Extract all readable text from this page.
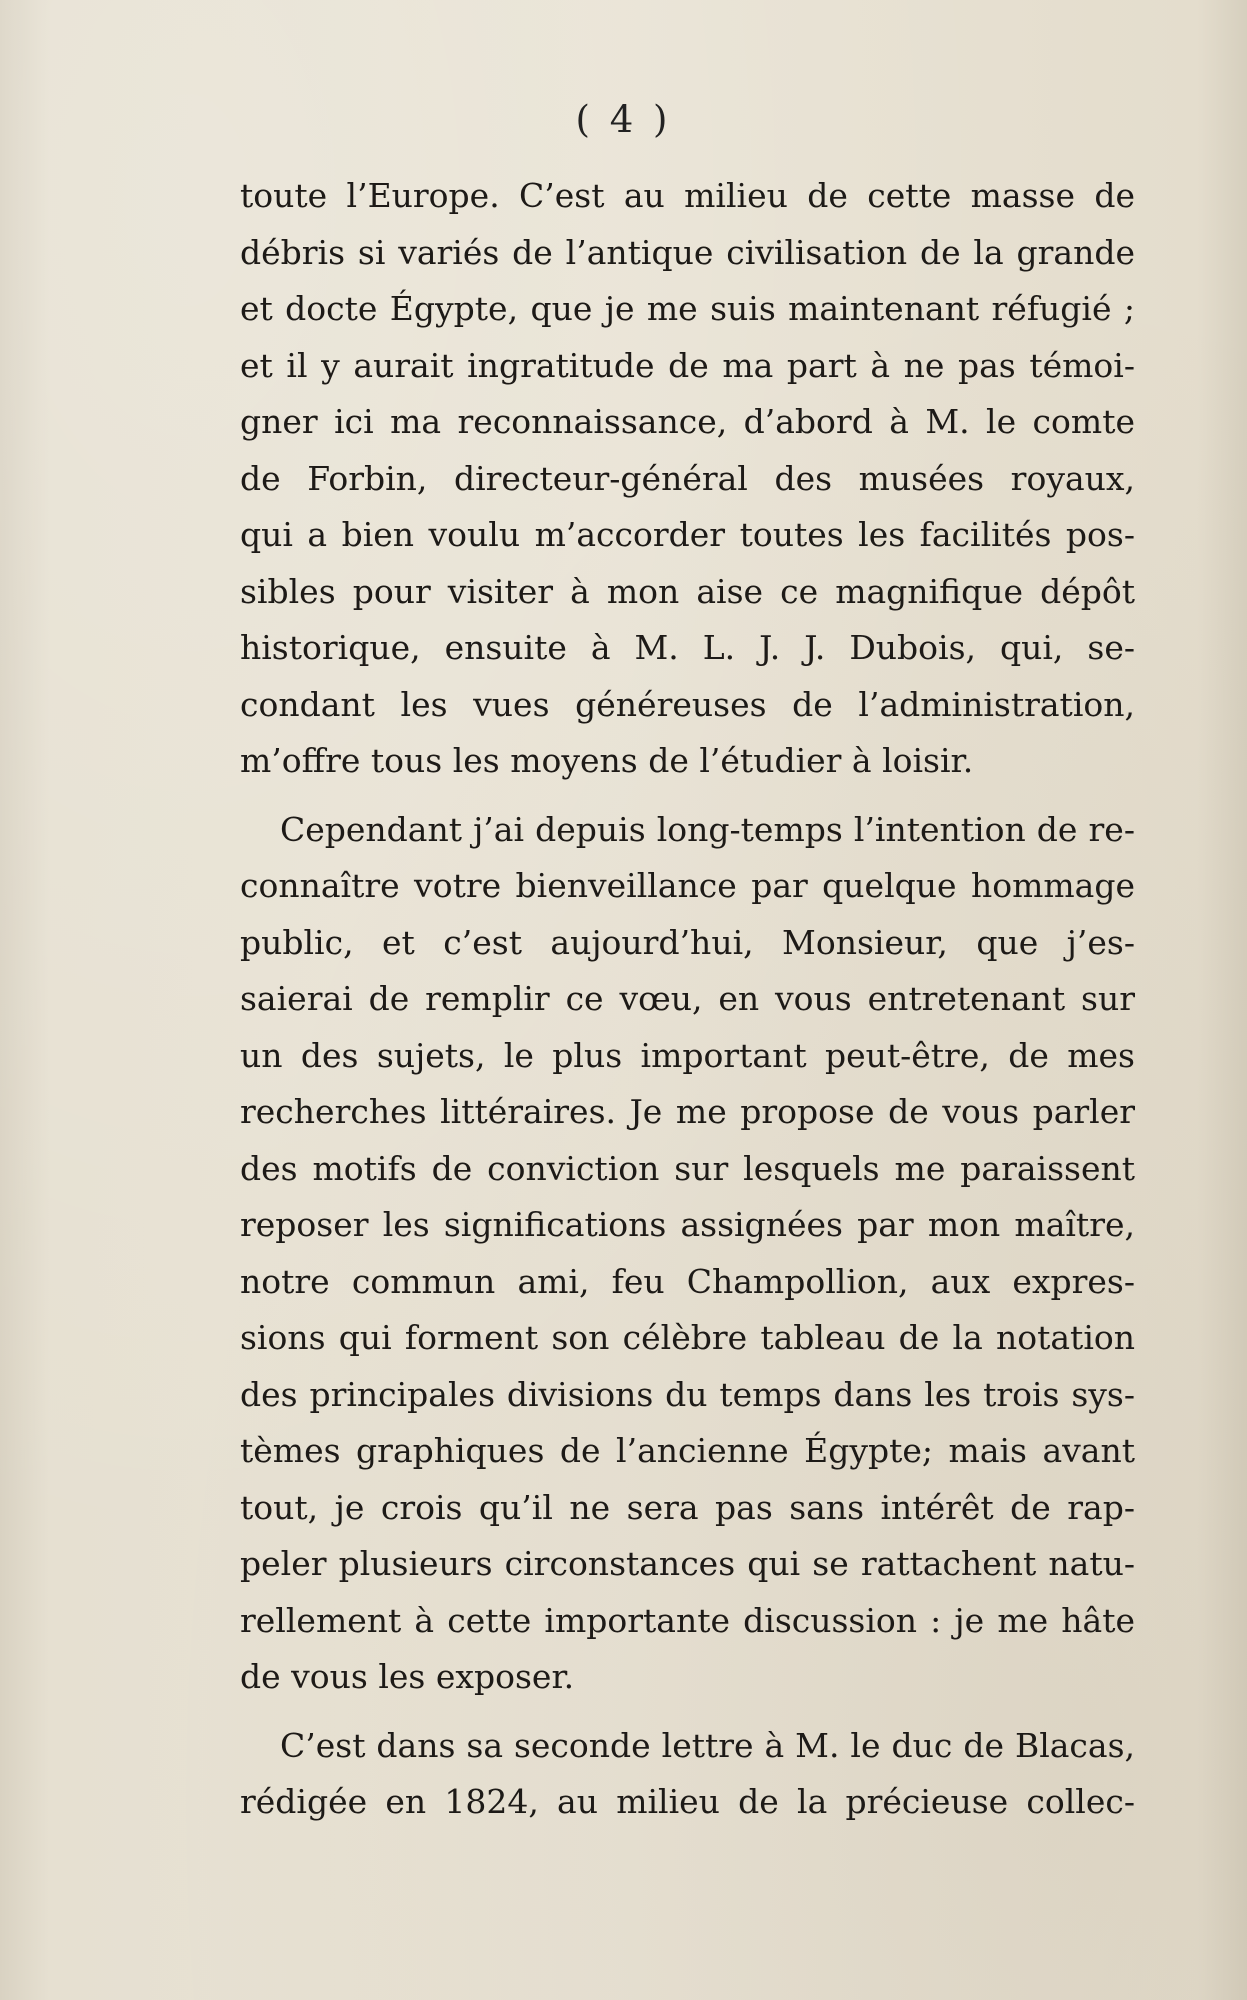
( 4 )
toute l’Europe. C’est au milieu de cette masse de
débris si variés de l’antique civilisation de la grande
et docte Égypte, que je me suis maintenant réfugié ;
et il y aurait ingratitude de ma part à ne pas témoi-
gner ici ma reconnaissance, d’abord à M. le comte
de Forbin, directeur-général des musées royaux,
qui a bien voulu m’accorder toutes les facilités pos-
sibles pour visiter à mon aise ce magnifique dépôt
historique, ensuite à M. L. J. J. Dubois, qui, se-
condant les vues généreuses de l’administration,
m’offre tous les moyens de l’étudier à loisir.
Cependant j’ai depuis long-temps l’intention de re-
connaître votre bienveillance par quelque hommage
public, et c’est aujourd’hui, Monsieur, que j’es-
saierai de remplir ce vœu, en vous entretenant sur
un des sujets, le plus important peut-être, de mes
recherches littéraires. Je me propose de vous parler
des motifs de conviction sur lesquels me paraissent
reposer les significations assignées par mon maître,
notre commun ami, feu Champollion, aux expres-
sions qui forment son célèbre tableau de la notation
des principales divisions du temps dans les trois sys-
tèmes graphiques de l’ancienne Égypte; mais avant
tout, je crois qu’il ne sera pas sans intérêt de rap-
peler plusieurs circonstances qui se rattachent natu-
rellement à cette importante discussion : je me hâte
de vous les exposer.
C’est dans sa seconde lettre à M. le duc de Blacas,
rédigée en 1824, au milieu de la précieuse collec-
